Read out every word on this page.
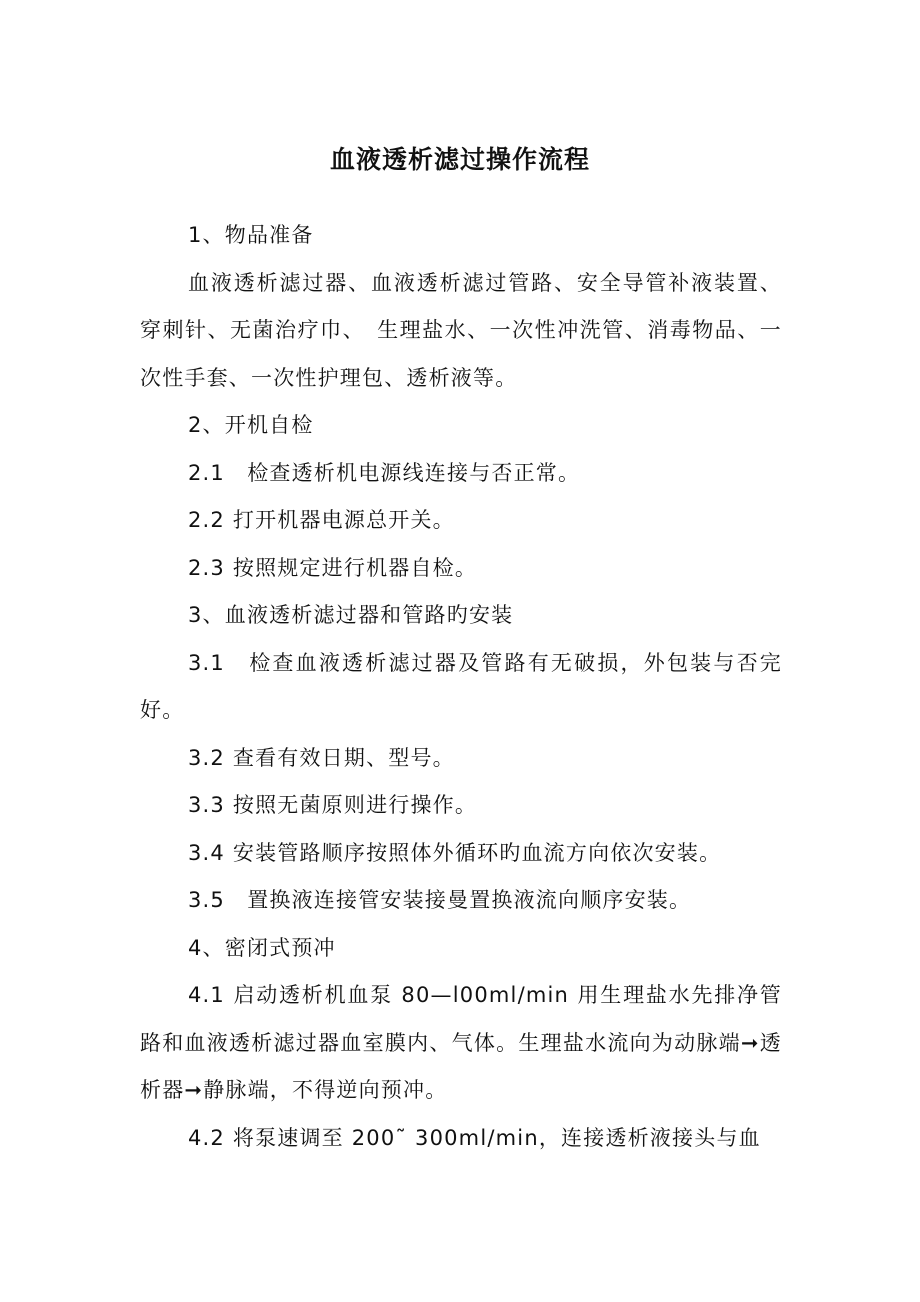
血液透析滤过操作流程

1、物品准备

血液透析滤过器、血液透析滤过管路、安全导管补液装置、穿刺针、无菌治疗巾、　生理盐水、一次性冲洗管、消毒物品、一次性手套、一次性护理包、透析液等。

2、开机自检

2.1　检查透析机电源线连接与否正常。

2.2 打开机器电源总开关。

2.3 按照规定进行机器自检。

3、血液透析滤过器和管路旳安装

3.1　检查血液透析滤过器及管路有无破损，外包装与否完好。

3.2 查看有效日期、型号。

3.3 按照无菌原则进行操作。

3.4 安装管路顺序按照体外循环旳血流方向依次安装。

3.5　置换液连接管安装接曼置换液流向顺序安装。

4、密闭式预冲

4.1 启动透析机血泵 80—l00ml/min 用生理盐水先排净管路和血液透析滤过器血室膜内、气体。生理盐水流向为动脉端➞透析器➞静脉端，不得逆向预冲。

4.2 将泵速调至 200˜ 300ml/min，连接透析液接头与血
